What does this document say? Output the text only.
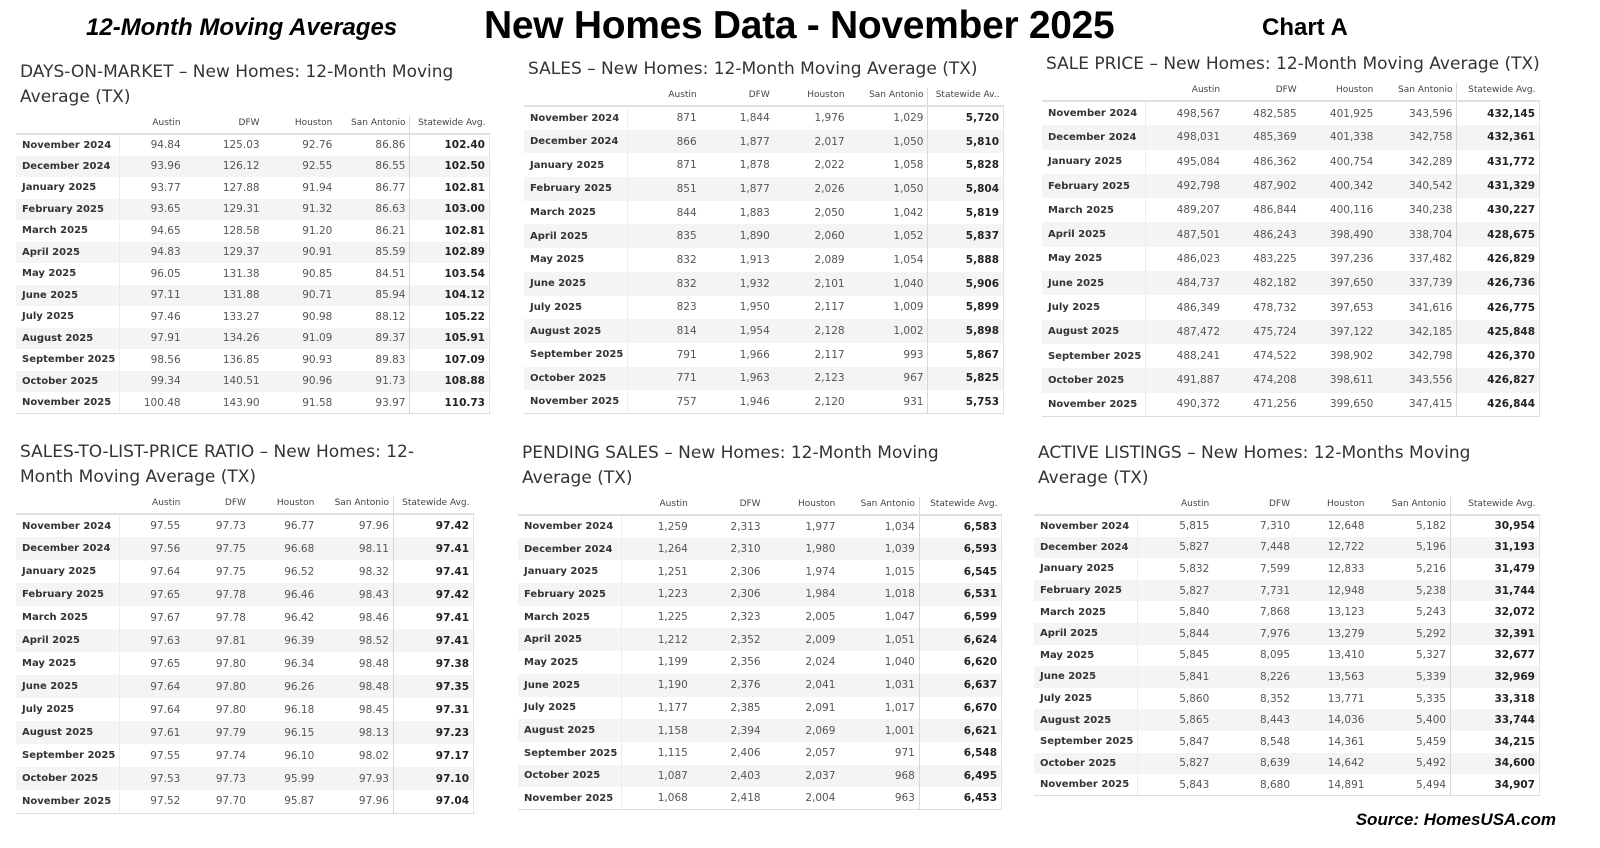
12-Month Moving Averages New Homes Data - November 2025	Chart A
DAYS-ON-MARKET – New Homes: 12-Month Moving Average (TX)
	Austin	DFW	Houston	San Antonio	Statewide Avg.
November 2024	94.84	125.03	92.76	86.86	102.40
December 2024	93.96	126.12	92.55	86.55	102.50
January 2025	93.77	127.88	91.94	86.77	102.81
February 2025	93.65	129.31	91.32	86.63	103.00
March 2025	94.65	128.58	91.20	86.21	102.81
April 2025	94.83	129.37	90.91	85.59	102.89
May 2025	96.05	131.38	90.85	84.51	103.54
June 2025	97.11	131.88	90.71	85.94	104.12
July 2025	97.46	133.27	90.98	88.12	105.22
August 2025	97.91	134.26	91.09	89.37	105.91
September 2025	98.56	136.85	90.93	89.83	107.09
October 2025	99.34	140.51	90.96	91.73	108.88
November 2025	100.48	143.90	91.58	93.97	110.73
SALES – New Homes: 12-Month Moving Average (TX)
	Austin	DFW	Houston	San Antonio	Statewide Av..
November 2024	871	1,844	1,976	1,029	5,720
December 2024	866	1,877	2,017	1,050	5,810
January 2025	871	1,878	2,022	1,058	5,828
February 2025	851	1,877	2,026	1,050	5,804
March 2025	844	1,883	2,050	1,042	5,819
April 2025	835	1,890	2,060	1,052	5,837
May 2025	832	1,913	2,089	1,054	5,888
June 2025	832	1,932	2,101	1,040	5,906
July 2025	823	1,950	2,117	1,009	5,899
August 2025	814	1,954	2,128	1,002	5,898
September 2025	791	1,966	2,117	993	5,867
October 2025	771	1,963	2,123	967	5,825
November 2025	757	1,946	2,120	931	5,753
SALE PRICE – New Homes: 12-Month Moving Average (TX)
	Austin	DFW	Houston	San Antonio	Statewide Avg.
November 2024	498,567	482,585	401,925	343,596	432,145
December 2024	498,031	485,369	401,338	342,758	432,361
January 2025	495,084	486,362	400,754	342,289	431,772
February 2025	492,798	487,902	400,342	340,542	431,329
March 2025	489,207	486,844	400,116	340,238	430,227
April 2025	487,501	486,243	398,490	338,704	428,675
May 2025	486,023	483,225	397,236	337,482	426,829
June 2025	484,737	482,182	397,650	337,739	426,736
July 2025	486,349	478,732	397,653	341,616	426,775
August 2025	487,472	475,724	397,122	342,185	425,848
September 2025	488,241	474,522	398,902	342,798	426,370
October 2025	491,887	474,208	398,611	343,556	426,827
November 2025	490,372	471,256	399,650	347,415	426,844
SALES-TO-LIST-PRICE RATIO – New Homes: 12-Month Moving Average (TX)
	Austin	DFW	Houston	San Antonio	Statewide Avg.
November 2024	97.55	97.73	96.77	97.96	97.42
December 2024	97.56	97.75	96.68	98.11	97.41
January 2025	97.64	97.75	96.52	98.32	97.41
February 2025	97.65	97.78	96.46	98.43	97.42
March 2025	97.67	97.78	96.42	98.46	97.41
April 2025	97.63	97.81	96.39	98.52	97.41
May 2025	97.65	97.80	96.34	98.48	97.38
June 2025	97.64	97.80	96.26	98.48	97.35
July 2025	97.64	97.80	96.18	98.45	97.31
August 2025	97.61	97.79	96.15	98.13	97.23
September 2025	97.55	97.74	96.10	98.02	97.17
October 2025	97.53	97.73	95.99	97.93	97.10
November 2025	97.52	97.70	95.87	97.96	97.04
PENDING SALES – New Homes: 12-Month Moving Average (TX)
	Austin	DFW	Houston	San Antonio	Statewide Avg.
November 2024	1,259	2,313	1,977	1,034	6,583
December 2024	1,264	2,310	1,980	1,039	6,593
January 2025	1,251	2,306	1,974	1,015	6,545
February 2025	1,223	2,306	1,984	1,018	6,531
March 2025	1,225	2,323	2,005	1,047	6,599
April 2025	1,212	2,352	2,009	1,051	6,624
May 2025	1,199	2,356	2,024	1,040	6,620
June 2025	1,190	2,376	2,041	1,031	6,637
July 2025	1,177	2,385	2,091	1,017	6,670
August 2025	1,158	2,394	2,069	1,001	6,621
September 2025	1,115	2,406	2,057	971	6,548
October 2025	1,087	2,403	2,037	968	6,495
November 2025	1,068	2,418	2,004	963	6,453
ACTIVE LISTINGS – New Homes: 12-Months Moving Average (TX)
	Austin	DFW	Houston	San Antonio	Statewide Avg.
November 2024	5,815	7,310	12,648	5,182	30,954
December 2024	5,827	7,448	12,722	5,196	31,193
January 2025	5,832	7,599	12,833	5,216	31,479
February 2025	5,827	7,731	12,948	5,238	31,744
March 2025	5,840	7,868	13,123	5,243	32,072
April 2025	5,844	7,976	13,279	5,292	32,391
May 2025	5,845	8,095	13,410	5,327	32,677
June 2025	5,841	8,226	13,563	5,339	32,969
July 2025	5,860	8,352	13,771	5,335	33,318
August 2025	5,865	8,443	14,036	5,400	33,744
September 2025	5,847	8,548	14,361	5,459	34,215
October 2025	5,827	8,639	14,642	5,492	34,600
November 2025	5,843	8,680	14,891	5,494	34,907
Source: HomesUSA.com
